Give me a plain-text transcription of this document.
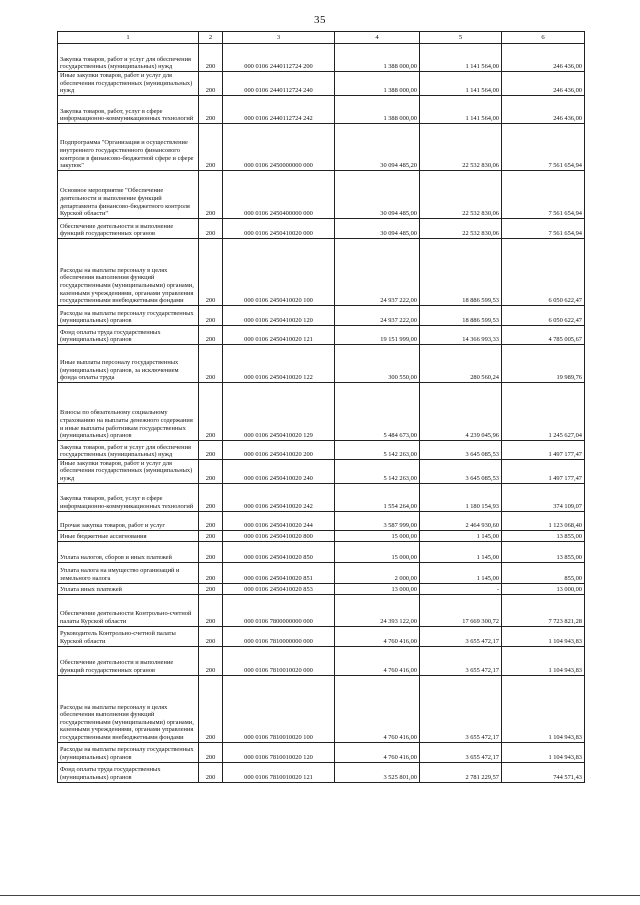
35
1	2	3	4	5	6
Закупка товаров, работ и услуг для обеспечения государственных (муниципальных) нужд	200	000 0106 2440112724 200	1 388 000,00	1 141 564,00	246 436,00
Иные закупки товаров, работ и услуг для обеспечения государственных (муниципальных) нужд	200	000 0106 2440112724 240	1 388 000,00	1 141 564,00	246 436,00
Закупка товаров, работ, услуг в сфере информационно-коммуникационных технологий	200	000 0106 2440112724 242	1 388 000,00	1 141 564,00	246 436,00
Подпрограмма "Организация и осуществление внутреннего государственного финансового контроля в финансово-бюджетной сфере и сфере закупок"	200	000 0106 2450000000 000	30 094 485,20	22 532 830,06	7 561 654,94
Основное мероприятие "Обеспечение деятельности и выполнение функций департамента финансово-бюджетного контроля Курской области"	200	000 0106 2450400000 000	30 094 485,00	22 532 830,06	7 561 654,94
Обеспечение деятельности и выполнение функций государственных органов	200	000 0106 2450410020 000	30 094 485,00	22 532 830,06	7 561 654,94
Расходы на выплаты персоналу в целях обеспечения выполнения функций государственными (муниципальными) органами, казенными учреждениями, органами управления государственными внебюджетными фондами	200	000 0106 2450410020 100	24 937 222,00	18 886 599,53	6 050 622,47
Расходы на выплаты персоналу государственных (муниципальных) органов	200	000 0106 2450410020 120	24 937 222,00	18 886 599,53	6 050 622,47
Фонд оплаты труда государственных (муниципальных) органов	200	000 0106 2450410020 121	19 151 999,00	14 366 993,33	4 785 005,67
Иные выплаты персоналу государственных (муниципальных) органов, за исключением фонда оплаты труда	200	000 0106 2450410020 122	300 550,00	280 560,24	19 989,76
Взносы по обязательному социальному страхованию на выплаты денежного содержания и иные выплаты работникам государственных (муниципальных) органов	200	000 0106 2450410020 129	5 484 673,00	4 239 045,96	1 245 627,04
Закупка товаров, работ и услуг для обеспечения государственных (муниципальных) нужд	200	000 0106 2450410020 200	5 142 263,00	3 645 085,53	1 497 177,47
Иные закупки товаров, работ и услуг для обеспечения государственных (муниципальных) нужд	200	000 0106 2450410020 240	5 142 263,00	3 645 085,53	1 497 177,47
Закупка товаров, работ, услуг в сфере информационно-коммуникационных технологий	200	000 0106 2450410020 242	1 554 264,00	1 180 154,93	374 109,07
Прочая закупка товаров, работ и услуг	200	000 0106 2450410020 244	3 587 999,00	2 464 930,60	1 123 068,40
Иные бюджетные ассигнования	200	000 0106 2450410020 800	15 000,00	1 145,00	13 855,00
Уплата налогов, сборов и иных платежей	200	000 0106 2450410020 850	15 000,00	1 145,00	13 855,00
Уплата налога на имущество организаций и земельного налога	200	000 0106 2450410020 851	2 000,00	1 145,00	855,00
Уплата иных платежей	200	000 0106 2450410020 853	13 000,00	-	13 000,00
Обеспечение деятельности Контрольно-счетной палаты Курской области	200	000 0106 7800000000 000	24 393 122,00	17 669 300,72	7 723 821,28
Руководитель Контрольно-счетной палаты Курской области	200	000 0106 7810000000 000	4 760 416,00	3 655 472,17	1 104 943,83
Обеспечение деятельности и выполнение функций государственных органов	200	000 0106 7810010020 000	4 760 416,00	3 655 472,17	1 104 943,83
Расходы на выплаты персоналу в целях обеспечения выполнения функций государственными (муниципальными) органами, казенными учреждениями, органами управления государственными внебюджетными фондами	200	000 0106 7810010020 100	4 760 416,00	3 655 472,17	1 104 943,83
Расходы на выплаты персоналу государственных (муниципальных) органов	200	000 0106 7810010020 120	4 760 416,00	3 655 472,17	1 104 943,83
Фонд оплаты труда государственных (муниципальных) органов	200	000 0106 7810010020 121	3 525 801,00	2 781 229,57	744 571,43
